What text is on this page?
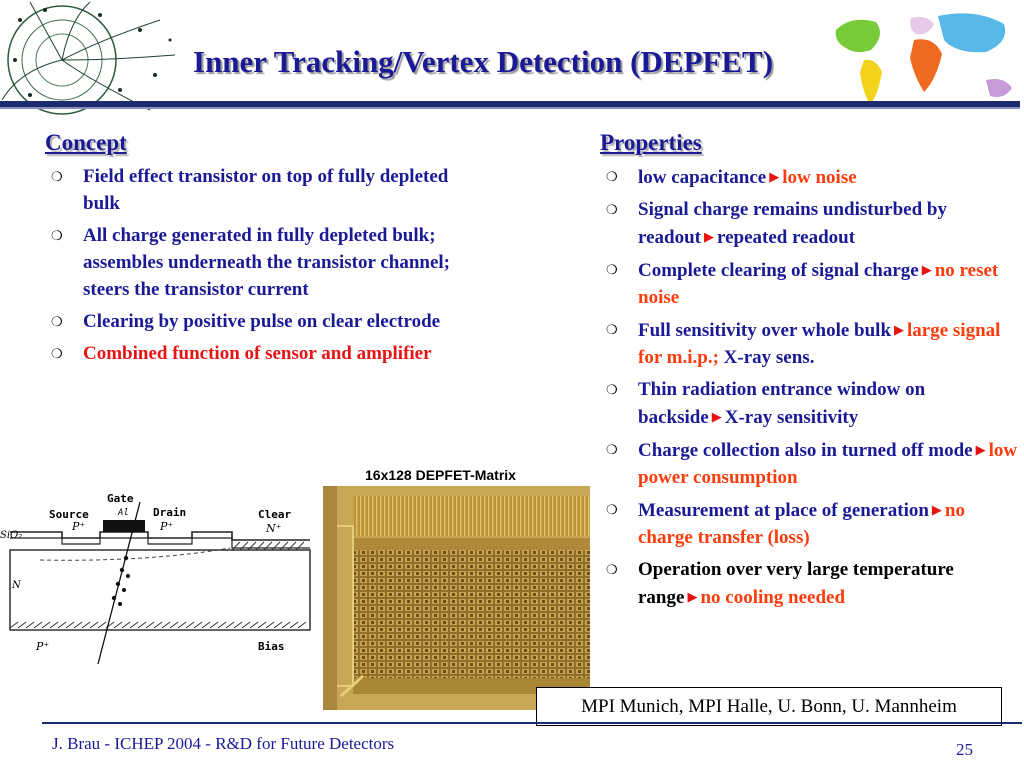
Inner Tracking/Vertex Detection (DEPFET)
Concept
❍ Field effect transistor on top of fully depleted bulk
❍ All charge generated in fully depleted bulk; assembles underneath the transistor channel; steers the transistor current
❍ Clearing by positive pulse on clear electrode
❍ Combined function of sensor and amplifier
Properties
❍ low capacitance ▶ low noise
❍ Signal charge remains undisturbed by readout ▶ repeated readout
❍ Complete clearing of signal charge ▶ no reset noise
❍ Full sensitivity over whole bulk ▶ large signal for m.i.p.; X-ray sens.
❍ Thin radiation entrance window on backside ▶ X-ray sensitivity
❍ Charge collection also in turned off mode ▶ low power consumption
❍ Measurement at place of generation ▶ no charge transfer (loss)
❍ Operation over very large temperature range ▶ no cooling needed
Gate
Al
Source	Drain	Clear
P⁺	P⁺	N⁺
SiO₂
N
P⁺	Bias
16x128 DEPFET-Matrix
MPI Munich, MPI Halle, U. Bonn, U. Mannheim
J. Brau - ICHEP 2004 - R&D for Future Detectors	25
